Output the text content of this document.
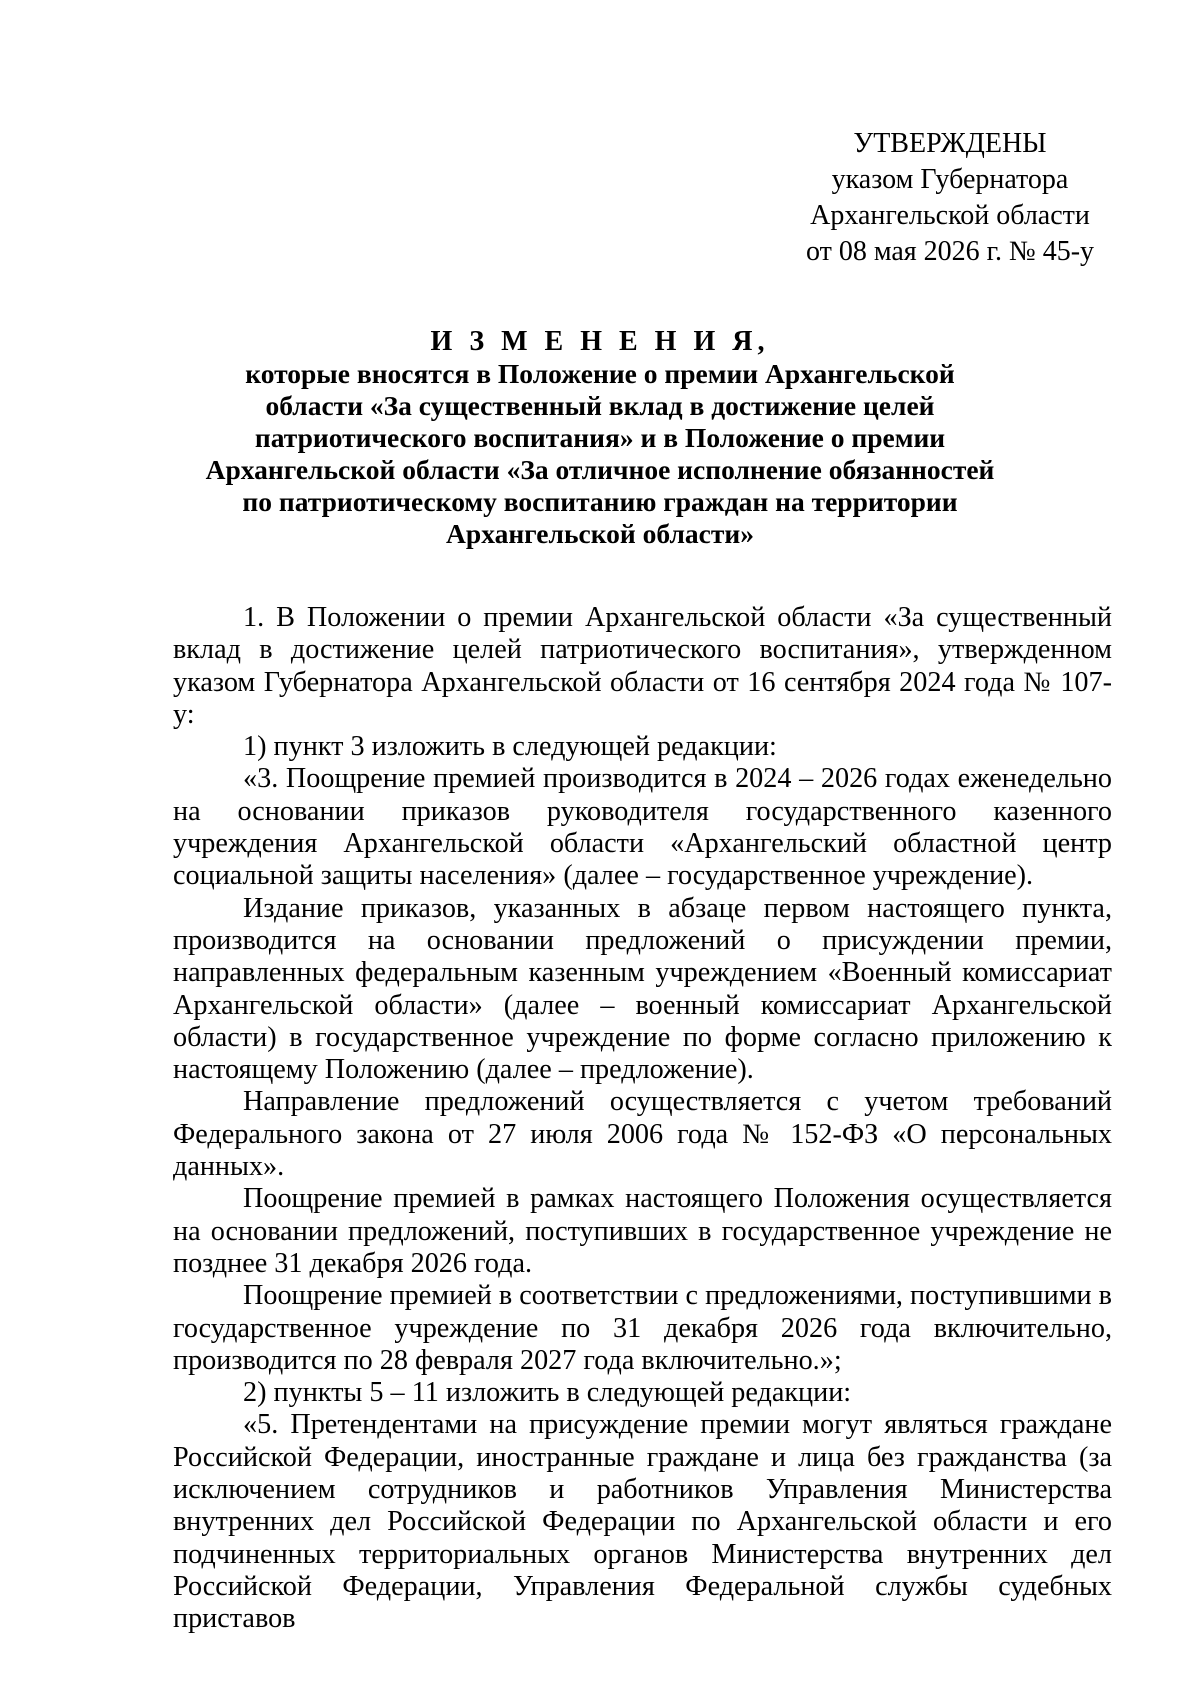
УТВЕРЖДЕНЫ
указом Губернатора
Архангельской области
от 08 мая 2026 г. № 45-у
И З М Е Н Е Н И Я,
которые вносятся в Положение о премии Архангельской
области «За существенный вклад в достижение целей
патриотического воспитания» и в Положение о премии
Архангельской области «За отличное исполнение обязанностей
по патриотическому воспитанию граждан на территории
Архангельской области»

1. В Положении о премии Архангельской области «За существенный вклад в достижение целей патриотического воспитания», утвержденном указом Губернатора Архангельской области от 16 сентября 2024 года № 107-у:

1) пункт 3 изложить в следующей редакции:

«3. Поощрение премией производится в 2024 – 2026 годах еженедельно на основании приказов руководителя государственного казенного учреждения Архангельской области «Архангельский областной центр социальной защиты населения» (далее – государственное учреждение).

Издание приказов, указанных в абзаце первом настоящего пункта, производится на основании предложений о присуждении премии, направленных федеральным казенным учреждением «Военный комиссариат Архангельской области» (далее – военный комиссариат Архангельской области) в государственное учреждение по форме согласно приложению к настоящему Положению (далее – предложение).

Направление предложений осуществляется с учетом требований Федерального закона от 27 июля 2006 года № 152-ФЗ «О персональных данных».

Поощрение премией в рамках настоящего Положения осуществляется на основании предложений, поступивших в государственное учреждение не позднее 31 декабря 2026 года.

Поощрение премией в соответствии с предложениями, поступившими в государственное учреждение по 31 декабря 2026 года включительно, производится по 28 февраля 2027 года включительно.»;

2) пункты 5 – 11 изложить в следующей редакции:

«5. Претендентами на присуждение премии могут являться граждане Российской Федерации, иностранные граждане и лица без гражданства (за исключением сотрудников и работников Управления Министерства внутренних дел Российской Федерации по Архангельской области и его подчиненных территориальных органов Министерства внутренних дел Российской Федерации, Управления Федеральной службы судебных приставов
